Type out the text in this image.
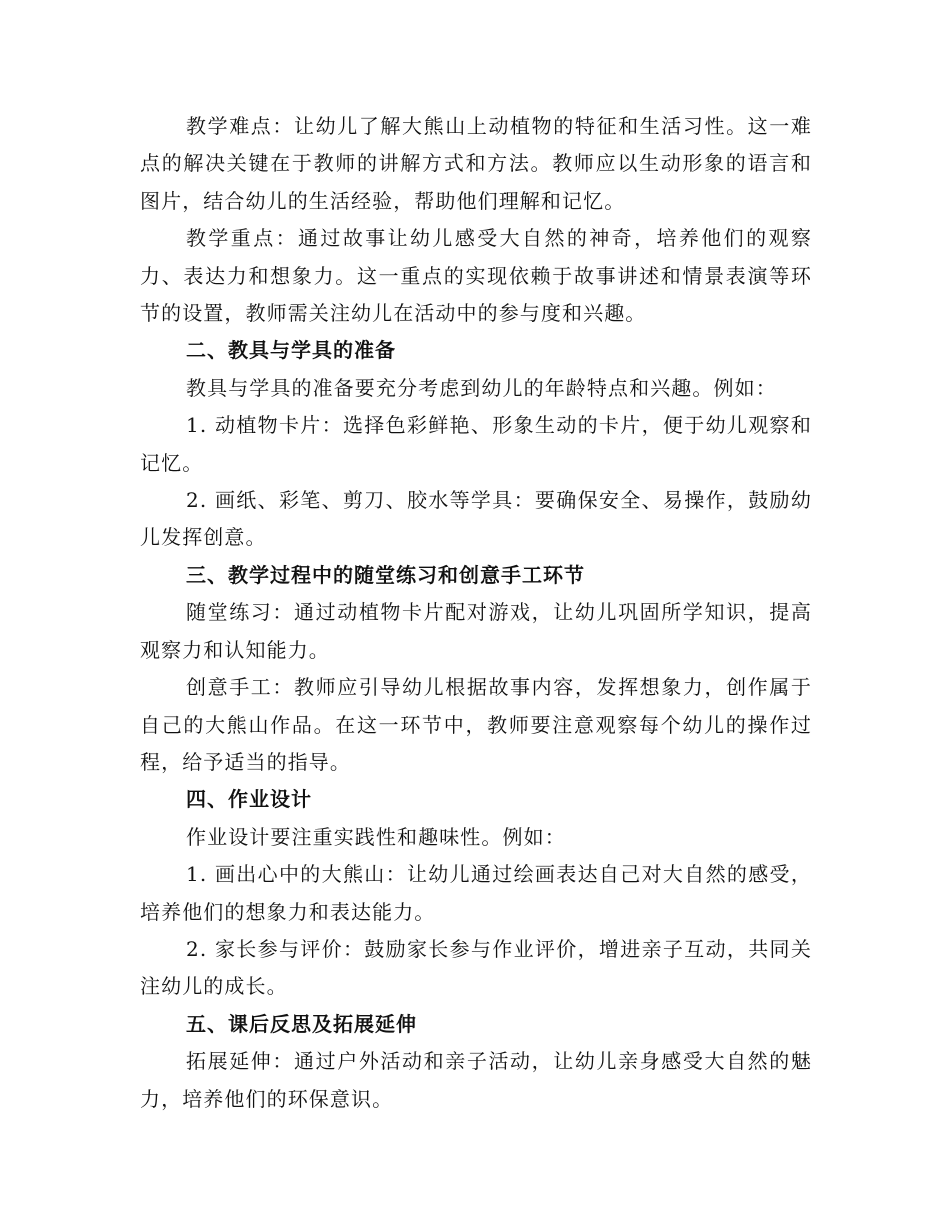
教学难点：让幼儿了解大熊山上动植物的特征和生活习性。这一难点的解决关键在于教师的讲解方式和方法。教师应以生动形象的语言和图片，结合幼儿的生活经验，帮助他们理解和记忆。

教学重点：通过故事让幼儿感受大自然的神奇，培养他们的观察力、表达力和想象力。这一重点的实现依赖于故事讲述和情景表演等环节的设置，教师需关注幼儿在活动中的参与度和兴趣。

二、教具与学具的准备

教具与学具的准备要充分考虑到幼儿的年龄特点和兴趣。例如：

1. 动植物卡片：选择色彩鲜艳、形象生动的卡片，便于幼儿观察和记忆。

2. 画纸、彩笔、剪刀、胶水等学具：要确保安全、易操作，鼓励幼儿发挥创意。

三、教学过程中的随堂练习和创意手工环节

随堂练习：通过动植物卡片配对游戏，让幼儿巩固所学知识，提高观察力和认知能力。

创意手工：教师应引导幼儿根据故事内容，发挥想象力，创作属于自己的大熊山作品。在这一环节中，教师要注意观察每个幼儿的操作过程，给予适当的指导。

四、作业设计

作业设计要注重实践性和趣味性。例如：

1. 画出心中的大熊山：让幼儿通过绘画表达自己对大自然的感受，培养他们的想象力和表达能力。

2. 家长参与评价：鼓励家长参与作业评价，增进亲子互动，共同关注幼儿的成长。

五、课后反思及拓展延伸

拓展延伸：通过户外活动和亲子活动，让幼儿亲身感受大自然的魅力，培养他们的环保意识。
